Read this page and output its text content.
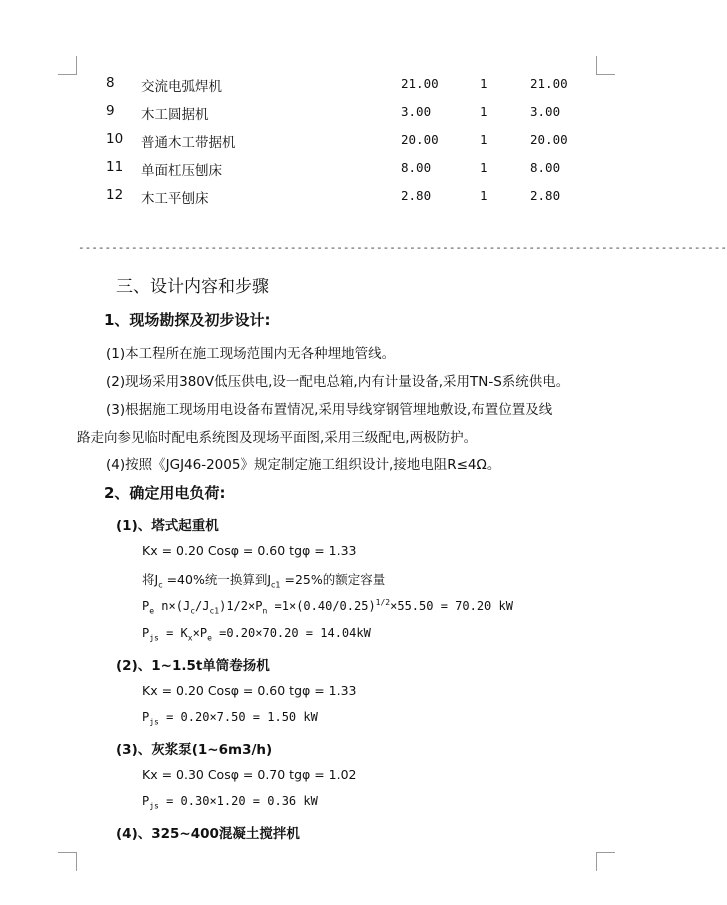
8 交流电弧焊机	21.00	1	21.00
9 木工圆据机	3.00	1	3.00
10 普通木工带据机	20.00	1	20.00
11 单面杠压刨床	8.00	1	8.00
12 木工平刨床	2.80	1	2.80
--------------------------------------------------------------------------------------------------
三、设计内容和步骤
1、现场勘探及初步设计:
(1)本工程所在施工现场范围内无各种埋地管线。
(2)现场采用380V低压供电,设一配电总箱,内有计量设备,采用TN-S系统供电。
(3)根据施工现场用电设备布置情况,采用导线穿钢管埋地敷设,布置位置及线
路走向参见临时配电系统图及现场平面图,采用三级配电,两极防护。
(4)按照《JGJ46-2005》规定制定施工组织设计,接地电阻R≤4Ω。
2、确定用电负荷:
(1)、塔式起重机
Kx = 0.20 Cosφ = 0.60 tgφ = 1.33
将$J_c =40\%$统一换算到$J_{c1} =25\%$的额定容量
$P_e$ $n\times(J_c/J_{c1})1/2\times P_n =1\times(0.40/0.25)^{1/2}\times 55.50 = 70.20$ kW
$P_{js} = K_x\times P_e =0.20\times 70.20 = 14.04kW$
(2)、1~1.5t单筒卷扬机
Kx = 0.20 Cosφ = 0.60 tgφ = 1.33
$P_{js} = 0.20\times 7.50 = 1.50$ kW
(3)、灰浆泵(1~6m3/h)
Kx = 0.30 Cosφ = 0.70 tgφ = 1.02
$P_{js} = 0.30\times 1.20 = 0.36$ kW
(4)、325~400混凝土搅拌机
